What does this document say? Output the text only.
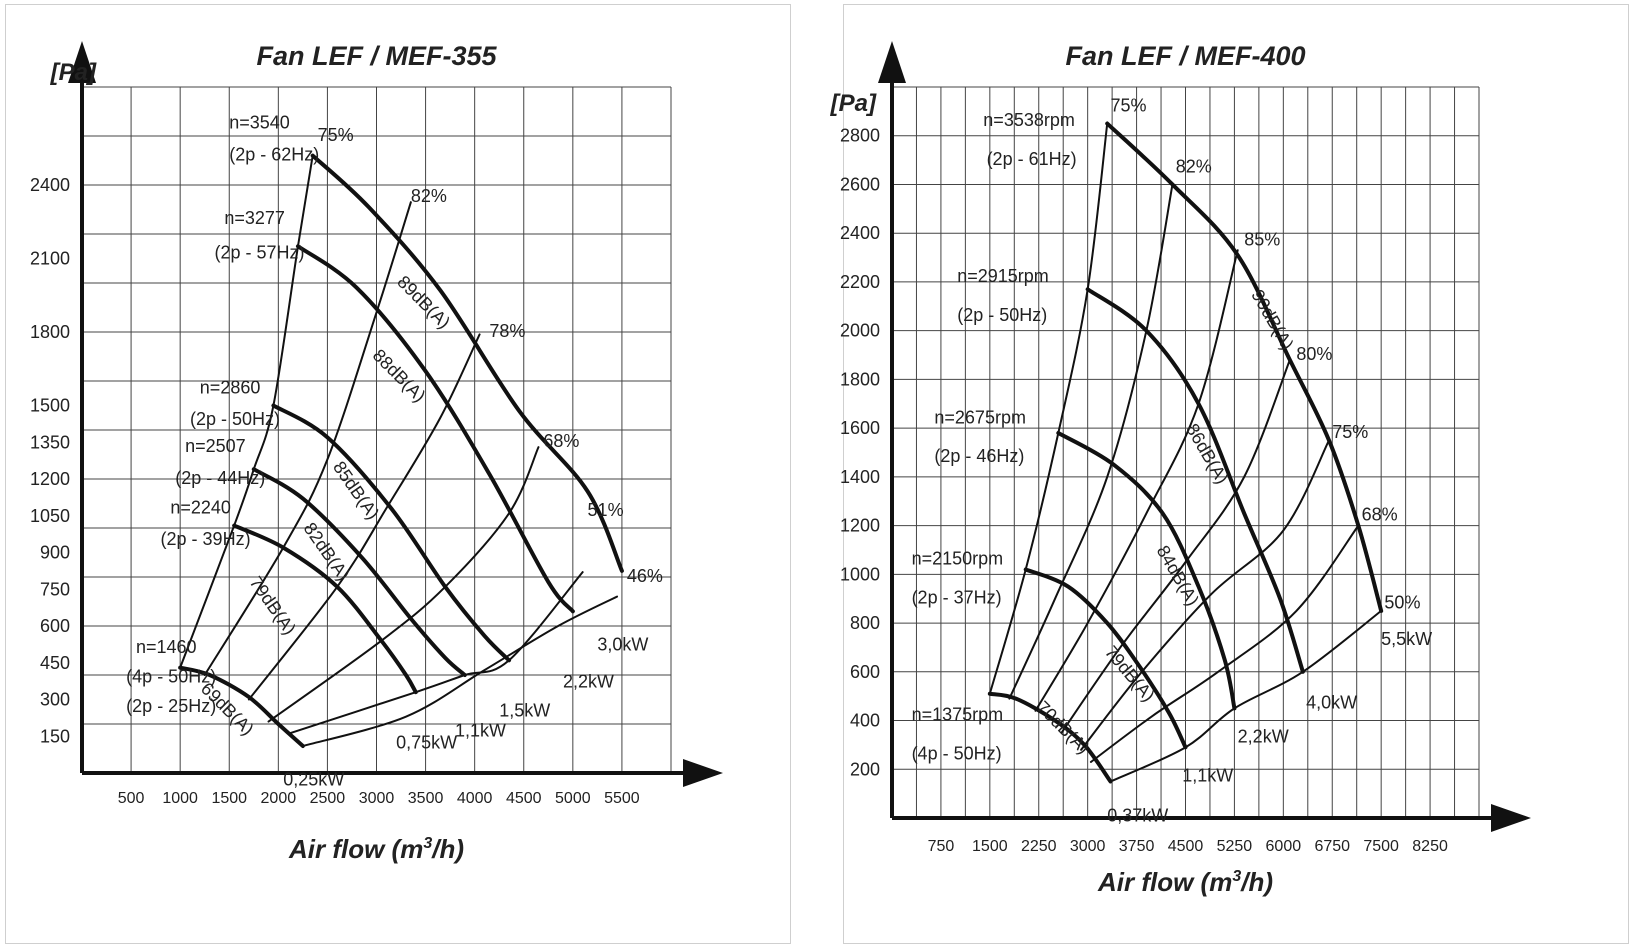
Fan LEF / MEF-355
[Pa]
Air flow $(m^3/h)$
500 1000 1500 2000 2500 3000 3500 4000 4500 5000 5500
150
300
450
600
750
900
1050
1200
1350
1500
1800
2100
2400
n=3540
(2p - 62Hz)
n=3277
(2p - 57Hz)
n=2860
(2p - 50Hz)
n=2507
(2p - 44Hz)
n=2240
(2p - 39Hz)
n=1460
(4p - 50Hz)
(2p - 25Hz)
75%
82%
78%
68%
51%
46%
89dB(A)
88dB(A)
85dB(A)
82dB(A)
79dB(A)
69dB(A)
3,0kW
2,2kW
1,5kW
1,1kW
0,75kW
0,25kW
Fan LEF / MEF-400
[Pa]
Air flow $(m^3/h)$
750 1500 2250 3000 3750 4500 5250 6000 6750 7500 8250
200
400
600
800
1000
1200
1400
1600
1800
2000
2200
2400
2600
2800
n=3538rpm
(2p - 61Hz)
n=2915rpm
(2p - 50Hz)
n=2675rpm
(2p - 46Hz)
n=2150rpm
(2p - 37Hz)
n=1375rpm
(4p - 50Hz)
75%
82%
85%
80%
75%
68%
50%
90dB(A)
86dB(A)
84dB(A)
79dB(A)
70dB(A)
5,5kW
4,0kW
2,2kW
1,1kW
0,37kW
